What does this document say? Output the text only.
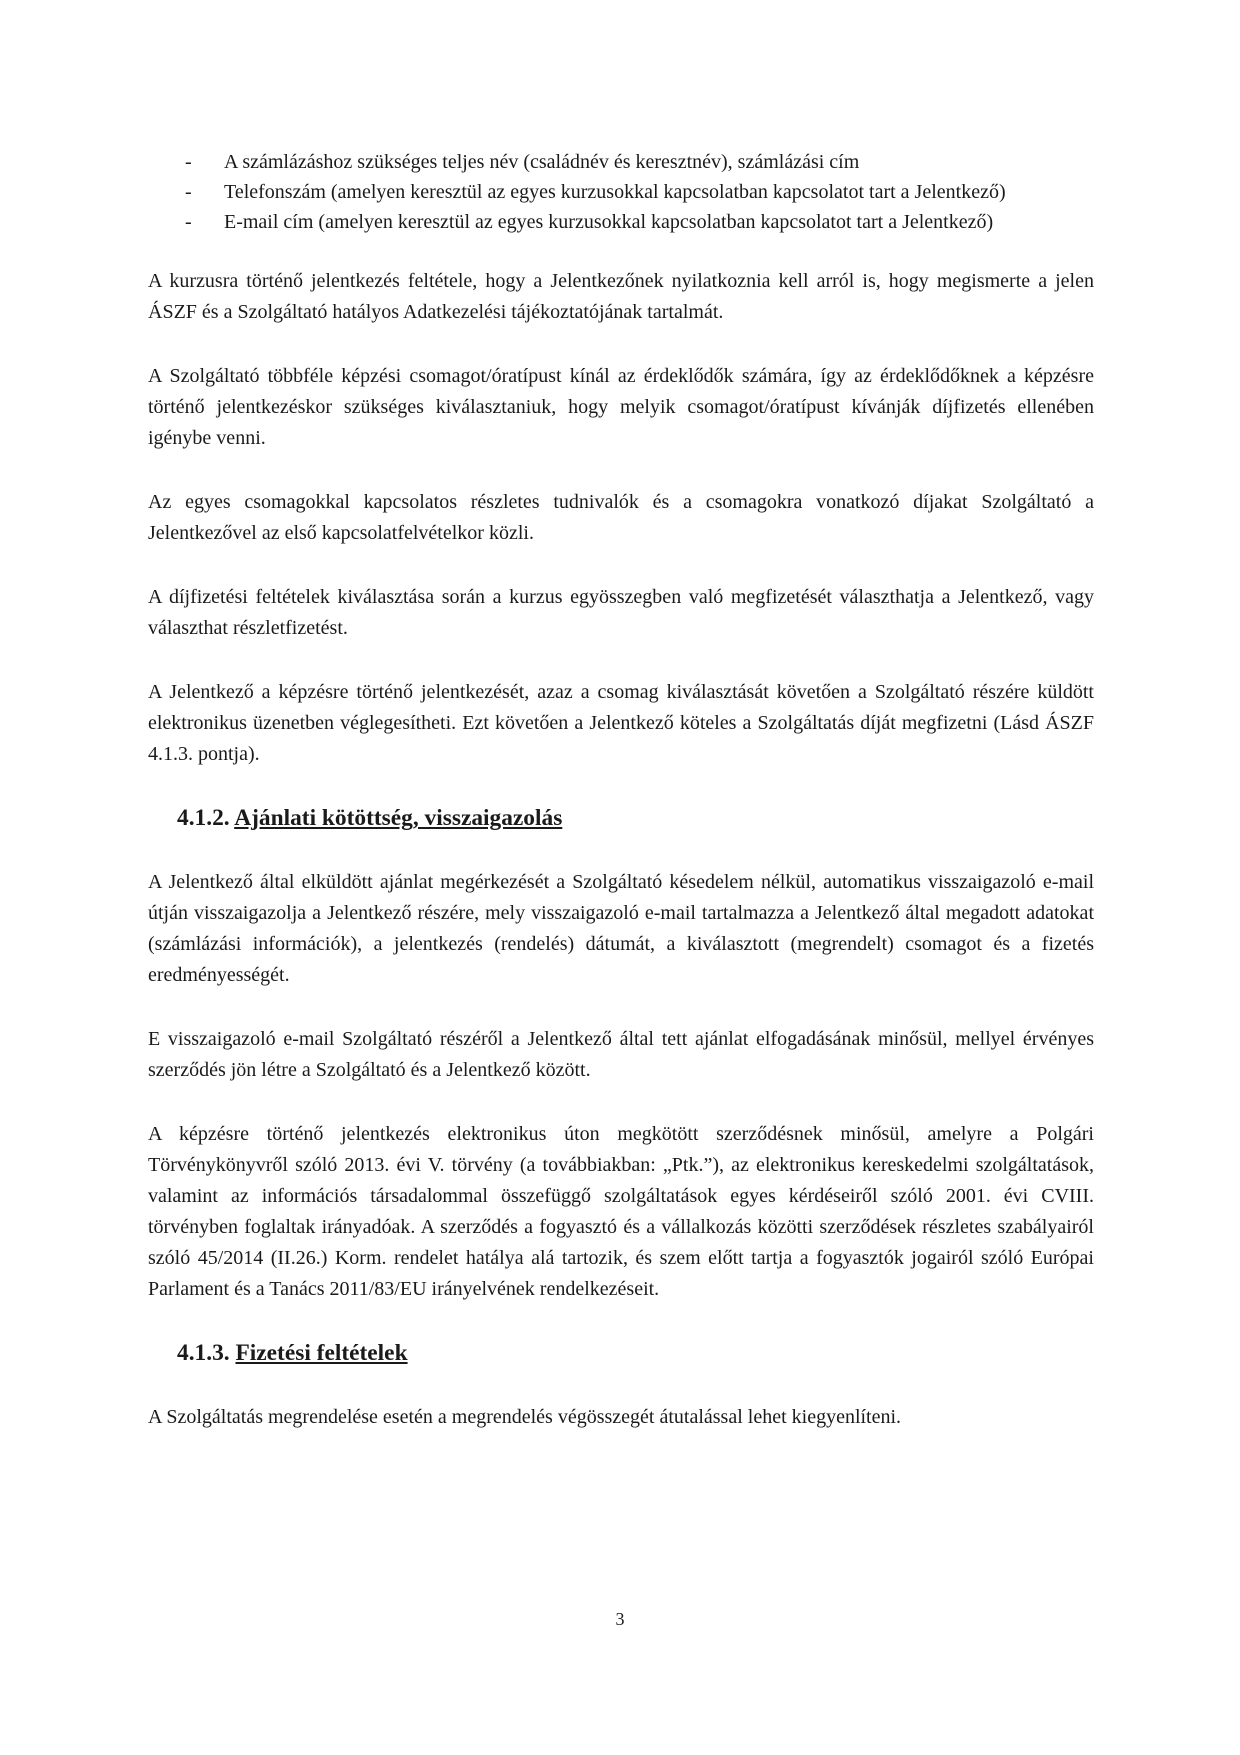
- A számlázáshoz szükséges teljes név (családnév és keresztnév), számlázási cím
- Telefonszám (amelyen keresztül az egyes kurzusokkal kapcsolatban kapcsolatot tart a Jelentkező)
- E-mail cím (amelyen keresztül az egyes kurzusokkal kapcsolatban kapcsolatot tart a Jelentkező)

A kurzusra történő jelentkezés feltétele, hogy a Jelentkezőnek nyilatkoznia kell arról is, hogy megismerte a jelen ÁSZF és a Szolgáltató hatályos Adatkezelési tájékoztatójának tartalmát.

A Szolgáltató többféle képzési csomagot/óratípust kínál az érdeklődők számára, így az érdeklődőknek a képzésre történő jelentkezéskor szükséges kiválasztaniuk, hogy melyik csomagot/óratípust kívánják díjfizetés ellenében igénybe venni.

Az egyes csomagokkal kapcsolatos részletes tudnivalók és a csomagokra vonatkozó díjakat Szolgáltató a Jelentkezővel az első kapcsolatfelvételkor közli.

A díjfizetési feltételek kiválasztása során a kurzus egyösszegben való megfizetését választhatja a Jelentkező, vagy választhat részletfizetést.

A Jelentkező a képzésre történő jelentkezését, azaz a csomag kiválasztását követően a Szolgáltató részére küldött elektronikus üzenetben véglegesítheti. Ezt követően a Jelentkező köteles a Szolgáltatás díját megfizetni (Lásd ÁSZF 4.1.3. pontja).

4.1.2. Ajánlati kötöttség, visszaigazolás

A Jelentkező által elküldött ajánlat megérkezését a Szolgáltató késedelem nélkül, automatikus visszaigazoló e-mail útján visszaigazolja a Jelentkező részére, mely visszaigazoló e-mail tartalmazza a Jelentkező által megadott adatokat (számlázási információk), a jelentkezés (rendelés) dátumát, a kiválasztott (megrendelt) csomagot és a fizetés eredményességét.

E visszaigazoló e-mail Szolgáltató részéről a Jelentkező által tett ajánlat elfogadásának minősül, mellyel érvényes szerződés jön létre a Szolgáltató és a Jelentkező között.

A képzésre történő jelentkezés elektronikus úton megkötött szerződésnek minősül, amelyre a Polgári Törvénykönyvről szóló 2013. évi V. törvény (a továbbiakban: „Ptk.”), az elektronikus kereskedelmi szolgáltatások, valamint az információs társadalommal összefüggő szolgáltatások egyes kérdéseiről szóló 2001. évi CVIII. törvényben foglaltak irányadóak. A szerződés a fogyasztó és a vállalkozás közötti szerződések részletes szabályairól szóló 45/2014 (II.26.) Korm. rendelet hatálya alá tartozik, és szem előtt tartja a fogyasztók jogairól szóló Európai Parlament és a Tanács 2011/83/EU irányelvének rendelkezéseit.

4.1.3. Fizetési feltételek

A Szolgáltatás megrendelése esetén a megrendelés végösszegét átutalással lehet kiegyenlíteni.

3
